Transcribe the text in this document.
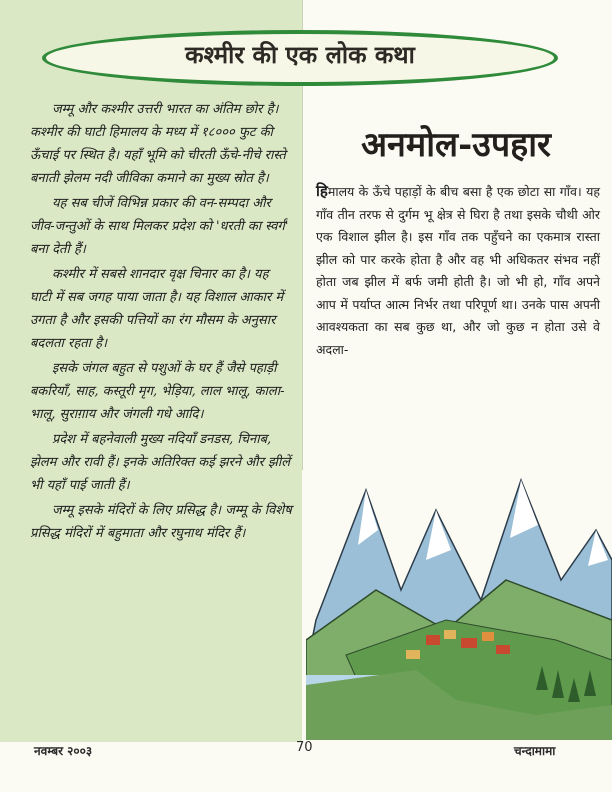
कश्मीर की एक लोक कथा

जम्मू और कश्मीर उत्तरी भारत का अंतिम छोर है। कश्मीर की घाटी हिमालय के मध्य में १८००० फुट की ऊँचाई पर स्थित है। यहाँ भूमि को चीरती ऊँचे-नीचे रास्ते बनाती झेलम नदी जीविका कमाने का मुख्य स्रोत है।

यह सब चीजें विभिन्न प्रकार की वन-सम्पदा और जीव-जन्तुओं के साथ मिलकर प्रदेश को 'धरती का स्वर्ग' बना देती हैं।

कश्मीर में सबसे शानदार वृक्ष चिनार का है। यह घाटी में सब जगह पाया जाता है। यह विशाल आकार में उगता है और इसकी पत्तियों का रंग मौसम के अनुसार बदलता रहता है।

इसके जंगल बहुत से पशुओं के घर हैं जैसे पहाड़ी बकरियाँ, साह, कस्तूरी मृग, भेड़िया, लाल भालू, काला-भालू, सुराग़ाय और जंगली गधे आदि।

प्रदेश में बहनेवाली मुख्य नदियाँ डनडस, चिनाब, झेलम और रावी हैं। इनके अतिरिक्त कई झरने और झीलें भी यहाँ पाई जाती हैं।

जम्मू इसके मंदिरों के लिए प्रसिद्ध है। जम्मू के विशेष प्रसिद्ध मंदिरों में बहुमाता और रघुनाथ मंदिर हैं।

अनमोल-उपहार
हिमालय के ऊँचे पहाड़ों के बीच बसा है एक छोटा सा गाँव। यह गाँव तीन तरफ से दुर्गम भू क्षेत्र से घिरा है तथा इसके चौथी ओर एक विशाल झील है। इस गाँव तक पहुँचने का एकमात्र रास्ता झील को पार करके होता है और वह भी अधिकतर संभव नहीं होता जब झील में बर्फ जमी होती है। जो भी हो, गाँव अपने आप में पर्याप्त आत्म निर्भर तथा परिपूर्ण था। उनके पास अपनी आवश्यकता का सब कुछ था, और जो कुछ न होता उसे वे अदला-
नवम्बर २००३	70	चन्दामामा
